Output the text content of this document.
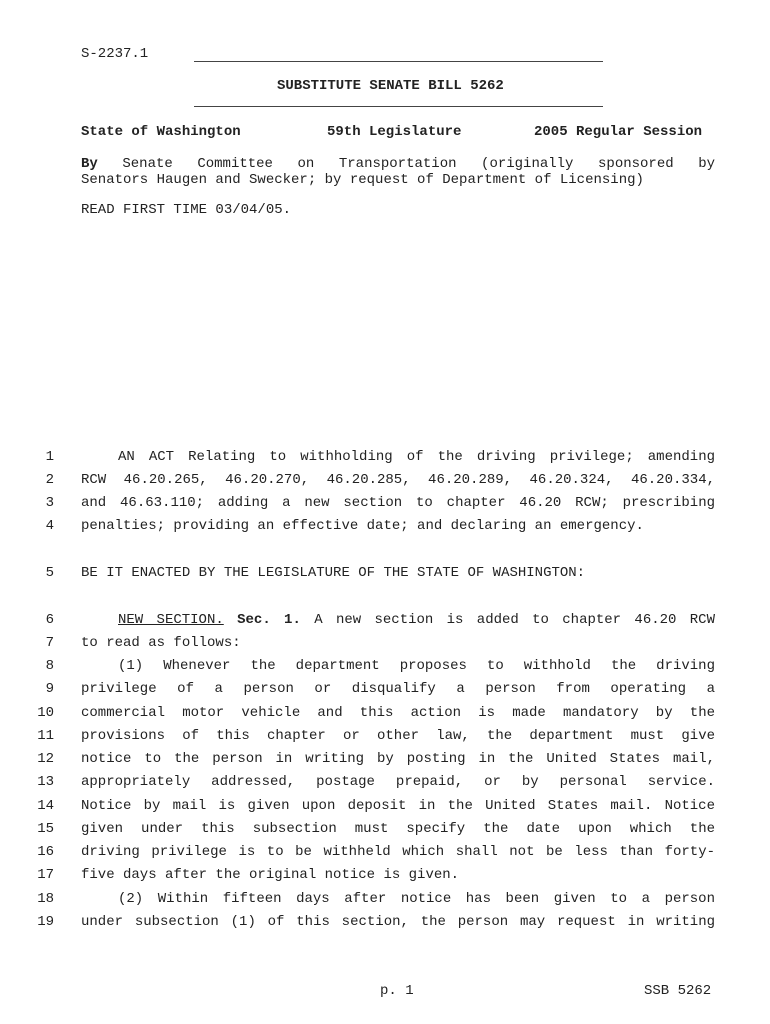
S-2237.1
SUBSTITUTE SENATE BILL 5262
State of Washington	59th Legislature	2005 Regular Session
By Senate Committee on Transportation (originally sponsored by
Senators Haugen and Swecker; by request of Department of Licensing)
READ FIRST TIME 03/04/05.
1	AN ACT Relating to withholding of the driving privilege; amending
2 RCW 46.20.265, 46.20.270, 46.20.285, 46.20.289, 46.20.324, 46.20.334,
3 and 46.63.110; adding a new section to chapter 46.20 RCW; prescribing
4 penalties; providing an effective date; and declaring an emergency.
5 BE IT ENACTED BY THE LEGISLATURE OF THE STATE OF WASHINGTON:
6	NEW SECTION. Sec. 1. A new section is added to chapter 46.20 RCW
7 to read as follows:
8	(1) Whenever the department proposes to withhold the driving
9 privilege of a person or disqualify a person from operating a
10 commercial motor vehicle and this action is made mandatory by the
11 provisions of this chapter or other law, the department must give
12 notice to the person in writing by posting in the United States mail,
13 appropriately addressed, postage prepaid, or by personal service.
14 Notice by mail is given upon deposit in the United States mail. Notice
15 given under this subsection must specify the date upon which the
16 driving privilege is to be withheld which shall not be less than forty-
17 five days after the original notice is given.
18	(2) Within fifteen days after notice has been given to a person
19 under subsection (1) of this section, the person may request in writing
p. 1	SSB 5262
